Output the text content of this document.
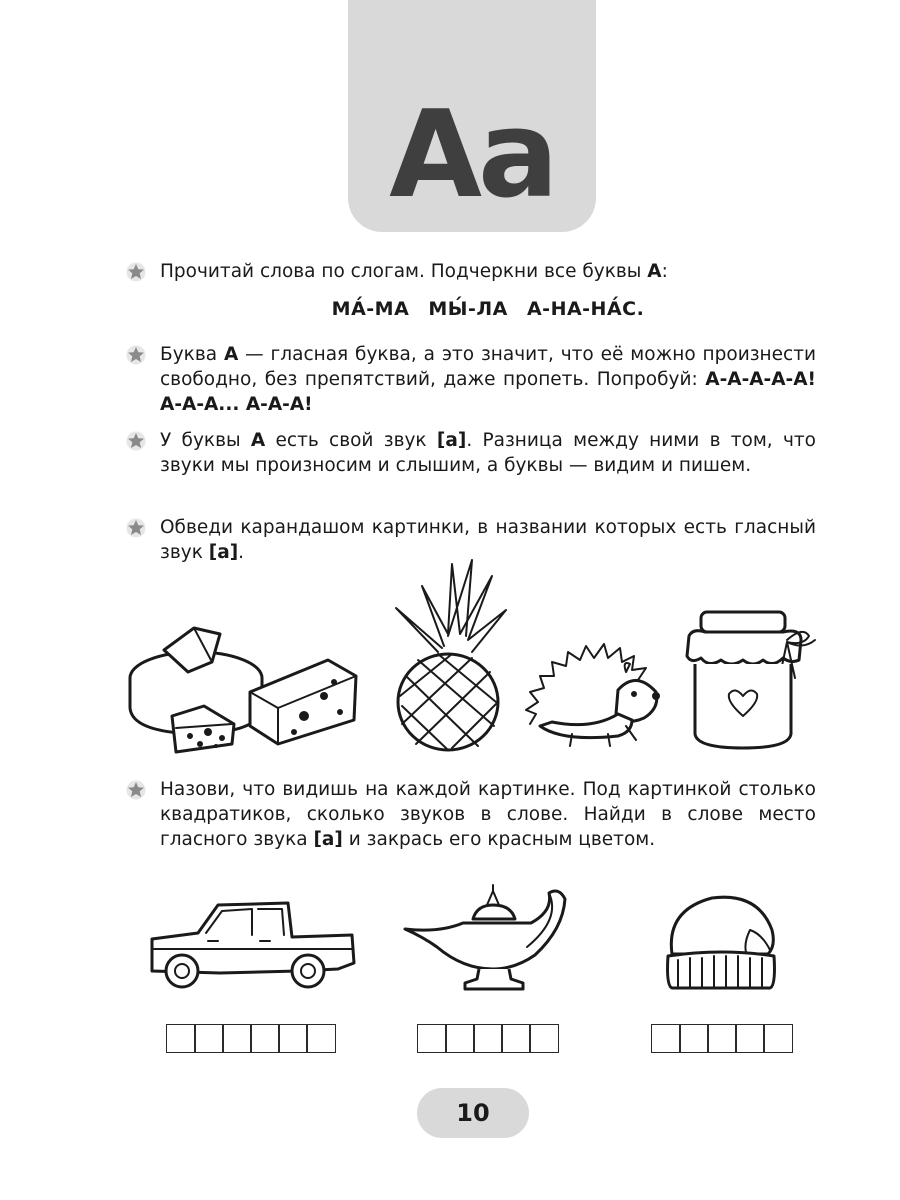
Aa
Прочитай слова по слогам. Подчеркни все буквы А:
МА́-МА МЫ́-ЛА А-НА-НА́С.
Буква А — гласная буква, а это значит, что её можно произнести свободно, без препятствий, даже пропеть. Попробуй: А-А-А-А-А! А-А-А... А-А-А!
У буквы А есть свой звук [а]. Разница между ними в том, что звуки мы произносим и слышим, а буквы — видим и пишем.
Обведи карандашом картинки, в названии которых есть гласный звук [а].
Назови, что видишь на каждой картинке. Под картинкой столько квадратиков, сколько звуков в слове. Найди в слове место гласного звука [а] и закрась его красным цветом.
10
